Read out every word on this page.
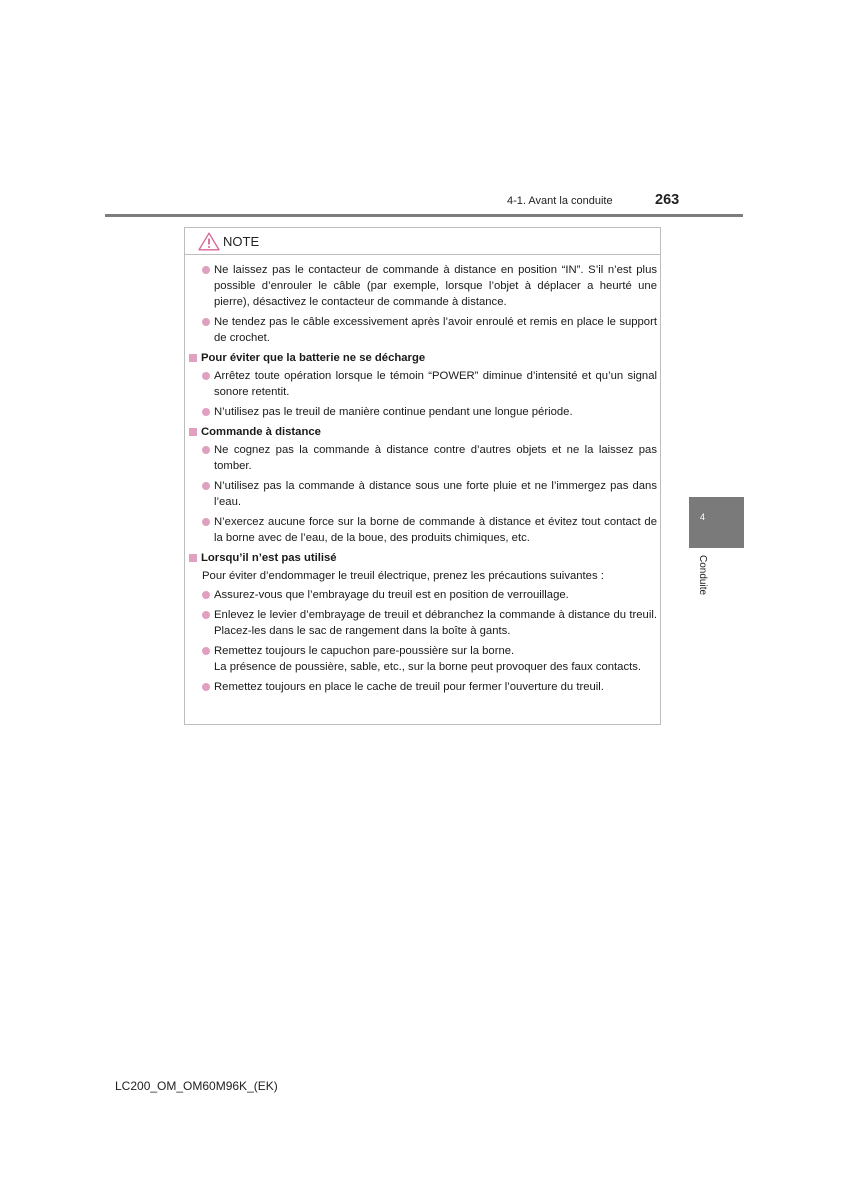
4-1. Avant la conduite	263
4
Conduite
NOTE
Ne laissez pas le contacteur de commande à distance en position “IN”. S’il n’est plus possible d’enrouler le câble (par exemple, lorsque l’objet à déplacer a heurté une pierre), désactivez le contacteur de commande à distance.
Ne tendez pas le câble excessivement après l’avoir enroulé et remis en place le support de crochet.
Pour éviter que la batterie ne se décharge
Arrêtez toute opération lorsque le témoin “POWER” diminue d’intensité et qu’un signal sonore retentit.
N’utilisez pas le treuil de manière continue pendant une longue période.
Commande à distance
Ne cognez pas la commande à distance contre d’autres objets et ne la laissez pas tomber.
N’utilisez pas la commande à distance sous une forte pluie et ne l’immergez pas dans l’eau.
N’exercez aucune force sur la borne de commande à distance et évitez tout contact de la borne avec de l’eau, de la boue, des produits chimiques, etc.
Lorsqu’il n’est pas utilisé
Pour éviter d’endommager le treuil électrique, prenez les précautions suivantes :
Assurez-vous que l’embrayage du treuil est en position de verrouillage.
Enlevez le levier d’embrayage de treuil et débranchez la commande à distance du treuil. Placez-les dans le sac de rangement dans la boîte à gants.
Remettez toujours le capuchon pare-poussière sur la borne.
La présence de poussière, sable, etc., sur la borne peut provoquer des faux contacts.
Remettez toujours en place le cache de treuil pour fermer l’ouverture du treuil.
LC200_OM_OM60M96K_(EK)
